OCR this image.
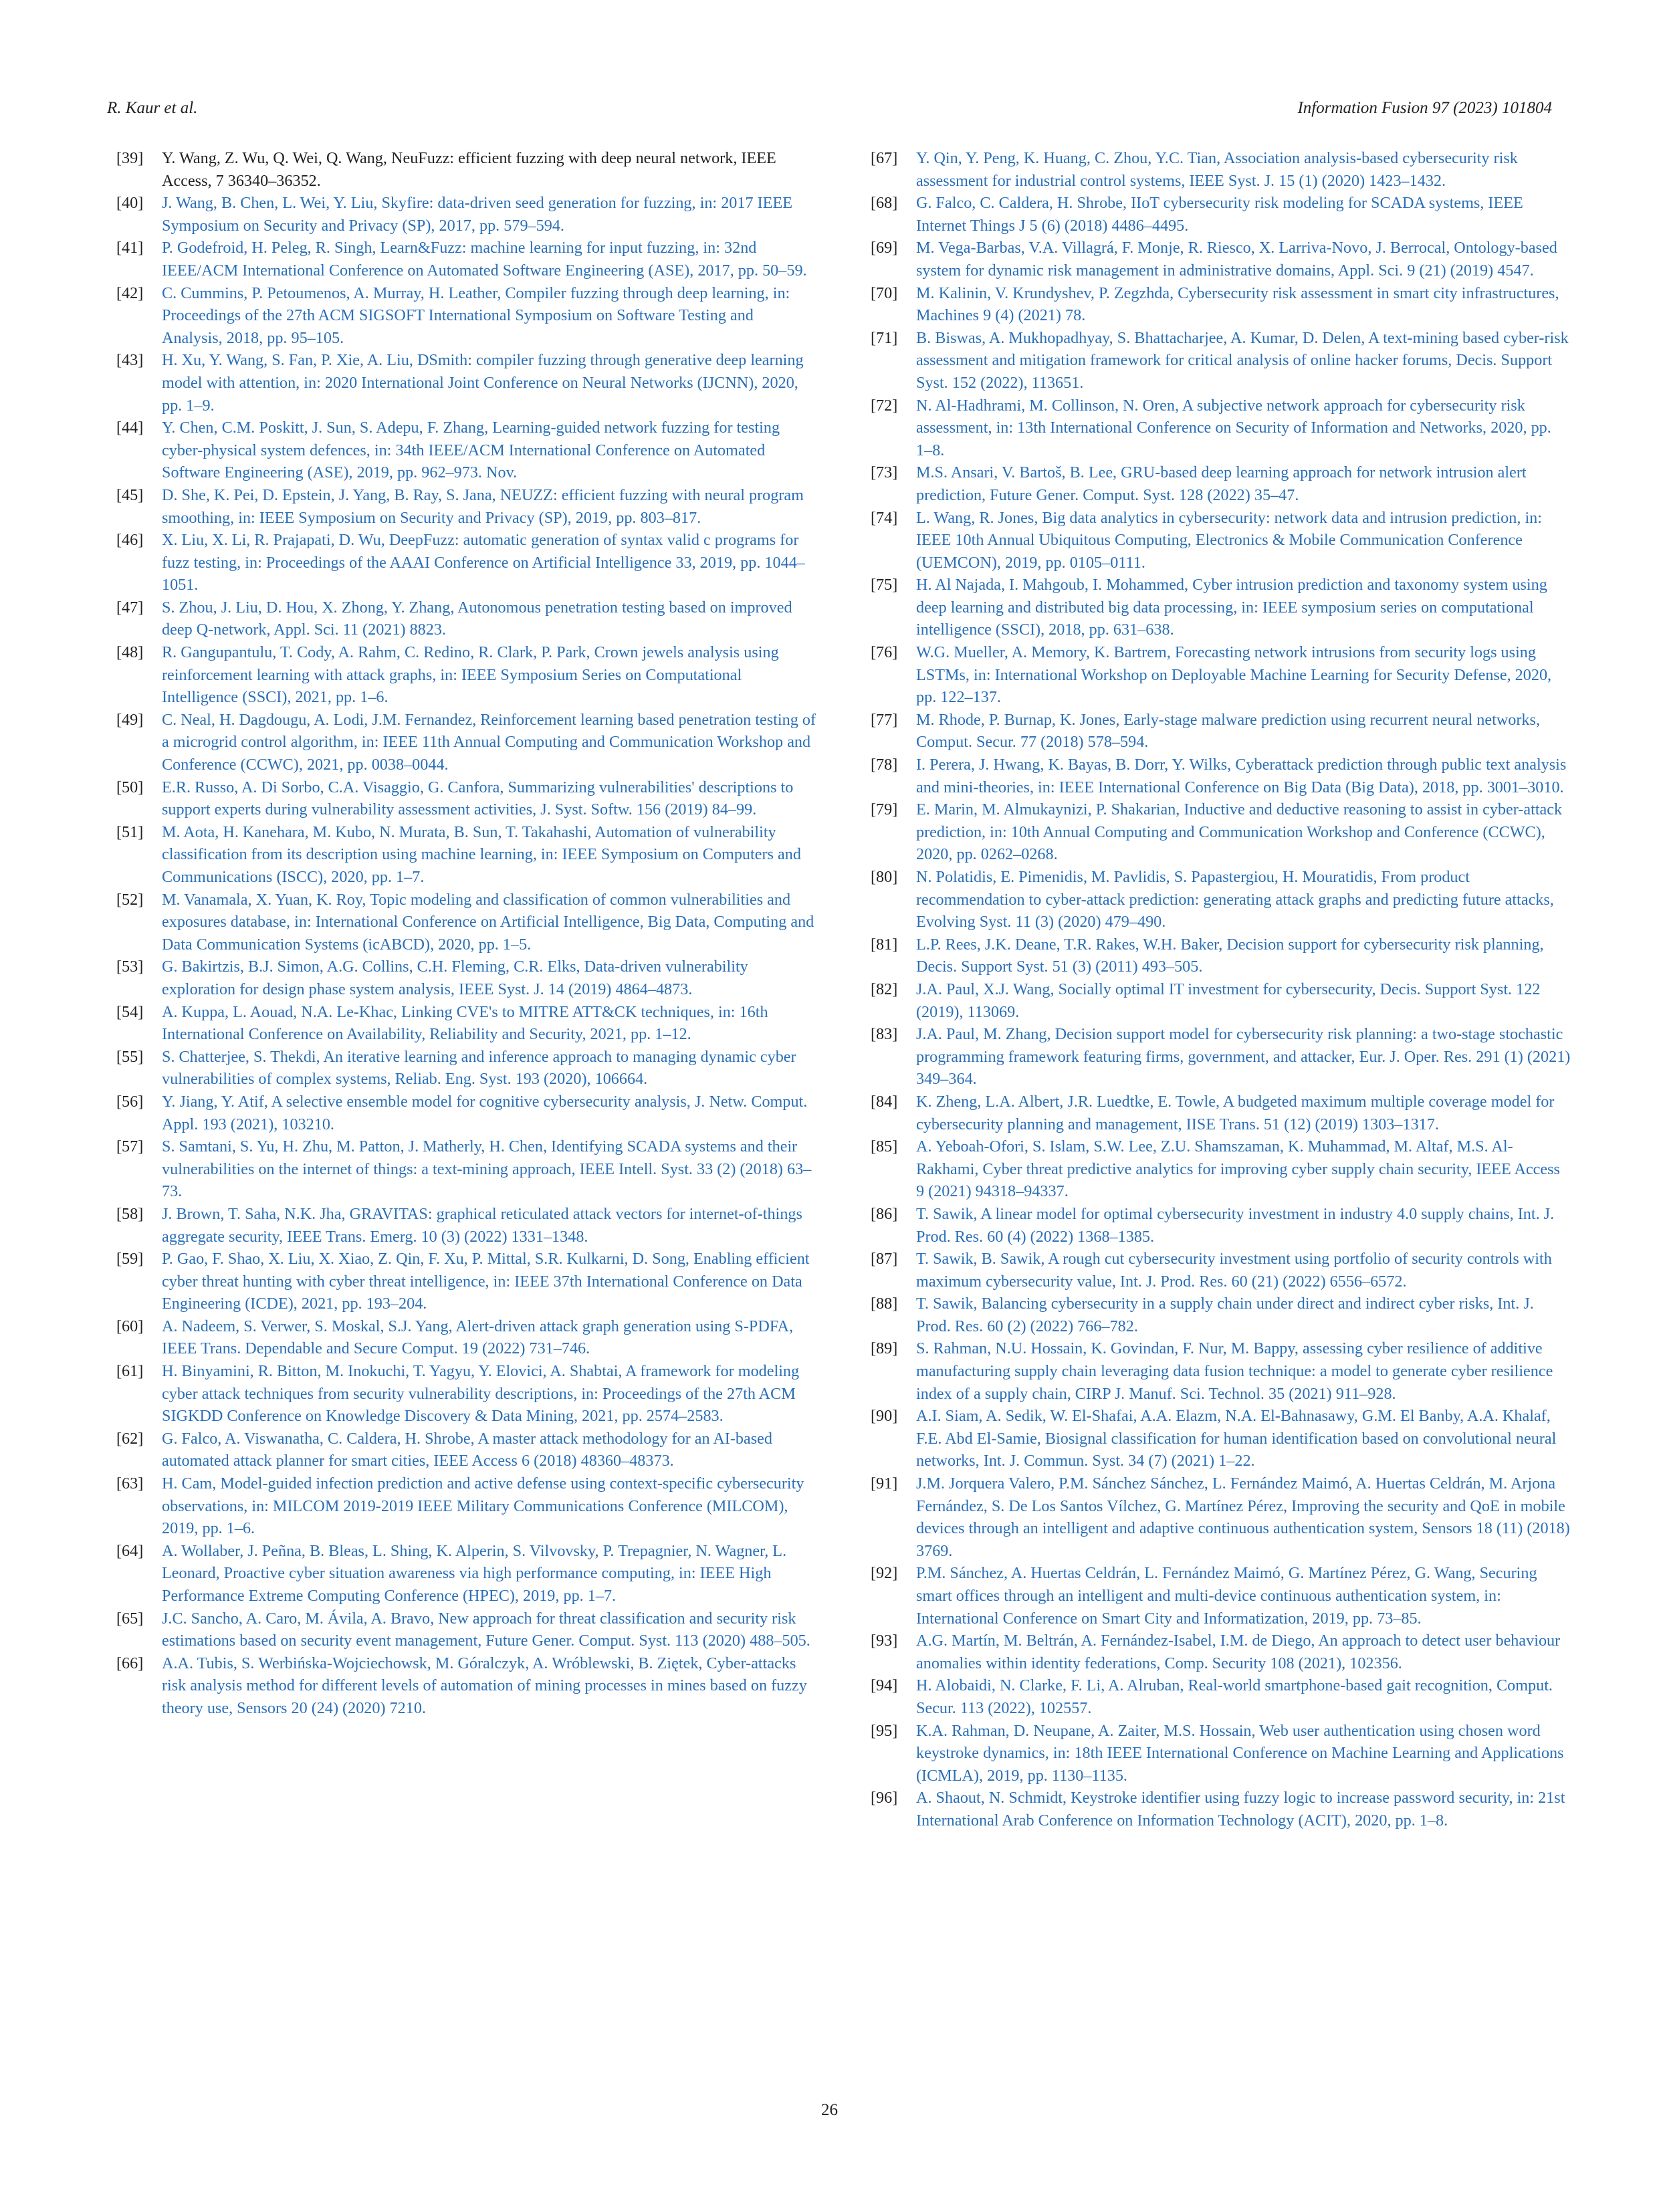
R. Kaur et al.	Information Fusion 97 (2023) 101804
[39]	Y. Wang, Z. Wu, Q. Wei, Q. Wang, NeuFuzz: efficient fuzzing with deep neural network, IEEE Access, 7 36340–36352.
[40]	J. Wang, B. Chen, L. Wei, Y. Liu, Skyfire: data-driven seed generation for fuzzing, in: 2017 IEEE Symposium on Security and Privacy (SP), 2017, pp. 579–594.
[41]	P. Godefroid, H. Peleg, R. Singh, Learn&Fuzz: machine learning for input fuzzing, in: 32nd IEEE/ACM International Conference on Automated Software Engineering (ASE), 2017, pp. 50–59.
[42]	C. Cummins, P. Petoumenos, A. Murray, H. Leather, Compiler fuzzing through deep learning, in: Proceedings of the 27th ACM SIGSOFT International Symposium on Software Testing and Analysis, 2018, pp. 95–105.
[43]	H. Xu, Y. Wang, S. Fan, P. Xie, A. Liu, DSmith: compiler fuzzing through generative deep learning model with attention, in: 2020 International Joint Conference on Neural Networks (IJCNN), 2020, pp. 1–9.
[44]	Y. Chen, C.M. Poskitt, J. Sun, S. Adepu, F. Zhang, Learning-guided network fuzzing for testing cyber-physical system defences, in: 34th IEEE/ACM International Conference on Automated Software Engineering (ASE), 2019, pp. 962–973. Nov.
[45]	D. She, K. Pei, D. Epstein, J. Yang, B. Ray, S. Jana, NEUZZ: efficient fuzzing with neural program smoothing, in: IEEE Symposium on Security and Privacy (SP), 2019, pp. 803–817.
[46]	X. Liu, X. Li, R. Prajapati, D. Wu, DeepFuzz: automatic generation of syntax valid c programs for fuzz testing, in: Proceedings of the AAAI Conference on Artificial Intelligence 33, 2019, pp. 1044–1051.
[47]	S. Zhou, J. Liu, D. Hou, X. Zhong, Y. Zhang, Autonomous penetration testing based on improved deep Q-network, Appl. Sci. 11 (2021) 8823.
[48]	R. Gangupantulu, T. Cody, A. Rahm, C. Redino, R. Clark, P. Park, Crown jewels analysis using reinforcement learning with attack graphs, in: IEEE Symposium Series on Computational Intelligence (SSCI), 2021, pp. 1–6.
[49]	C. Neal, H. Dagdougu, A. Lodi, J.M. Fernandez, Reinforcement learning based penetration testing of a microgrid control algorithm, in: IEEE 11th Annual Computing and Communication Workshop and Conference (CCWC), 2021, pp. 0038–0044.
[50]	E.R. Russo, A. Di Sorbo, C.A. Visaggio, G. Canfora, Summarizing vulnerabilities' descriptions to support experts during vulnerability assessment activities, J. Syst. Softw. 156 (2019) 84–99.
[51]	M. Aota, H. Kanehara, M. Kubo, N. Murata, B. Sun, T. Takahashi, Automation of vulnerability classification from its description using machine learning, in: IEEE Symposium on Computers and Communications (ISCC), 2020, pp. 1–7.
[52]	M. Vanamala, X. Yuan, K. Roy, Topic modeling and classification of common vulnerabilities and exposures database, in: International Conference on Artificial Intelligence, Big Data, Computing and Data Communication Systems (icABCD), 2020, pp. 1–5.
[53]	G. Bakirtzis, B.J. Simon, A.G. Collins, C.H. Fleming, C.R. Elks, Data-driven vulnerability exploration for design phase system analysis, IEEE Syst. J. 14 (2019) 4864–4873.
[54]	A. Kuppa, L. Aouad, N.A. Le-Khac, Linking CVE's to MITRE ATT&CK techniques, in: 16th International Conference on Availability, Reliability and Security, 2021, pp. 1–12.
[55]	S. Chatterjee, S. Thekdi, An iterative learning and inference approach to managing dynamic cyber vulnerabilities of complex systems, Reliab. Eng. Syst. 193 (2020), 106664.
[56]	Y. Jiang, Y. Atif, A selective ensemble model for cognitive cybersecurity analysis, J. Netw. Comput. Appl. 193 (2021), 103210.
[57]	S. Samtani, S. Yu, H. Zhu, M. Patton, J. Matherly, H. Chen, Identifying SCADA systems and their vulnerabilities on the internet of things: a text-mining approach, IEEE Intell. Syst. 33 (2) (2018) 63–73.
[58]	J. Brown, T. Saha, N.K. Jha, GRAVITAS: graphical reticulated attack vectors for internet-of-things aggregate security, IEEE Trans. Emerg. 10 (3) (2022) 1331–1348.
[59]	P. Gao, F. Shao, X. Liu, X. Xiao, Z. Qin, F. Xu, P. Mittal, S.R. Kulkarni, D. Song, Enabling efficient cyber threat hunting with cyber threat intelligence, in: IEEE 37th International Conference on Data Engineering (ICDE), 2021, pp. 193–204.
[60]	A. Nadeem, S. Verwer, S. Moskal, S.J. Yang, Alert-driven attack graph generation using S-PDFA, IEEE Trans. Dependable and Secure Comput. 19 (2022) 731–746.
[61]	H. Binyamini, R. Bitton, M. Inokuchi, T. Yagyu, Y. Elovici, A. Shabtai, A framework for modeling cyber attack techniques from security vulnerability descriptions, in: Proceedings of the 27th ACM SIGKDD Conference on Knowledge Discovery & Data Mining, 2021, pp. 2574–2583.
[62]	G. Falco, A. Viswanatha, C. Caldera, H. Shrobe, A master attack methodology for an AI-based automated attack planner for smart cities, IEEE Access 6 (2018) 48360–48373.
[63]	H. Cam, Model-guided infection prediction and active defense using context-specific cybersecurity observations, in: MILCOM 2019-2019 IEEE Military Communications Conference (MILCOM), 2019, pp. 1–6.
[64]	A. Wollaber, J. Peñna, B. Bleas, L. Shing, K. Alperin, S. Vilvovsky, P. Trepagnier, N. Wagner, L. Leonard, Proactive cyber situation awareness via high performance computing, in: IEEE High Performance Extreme Computing Conference (HPEC), 2019, pp. 1–7.
[65]	J.C. Sancho, A. Caro, M. Ávila, A. Bravo, New approach for threat classification and security risk estimations based on security event management, Future Gener. Comput. Syst. 113 (2020) 488–505.
[66]	A.A. Tubis, S. Werbińska-Wojciechowsk, M. Góralczyk, A. Wróblewski, B. Ziętek, Cyber-attacks risk analysis method for different levels of automation of mining processes in mines based on fuzzy theory use, Sensors 20 (24) (2020) 7210.
[67]	Y. Qin, Y. Peng, K. Huang, C. Zhou, Y.C. Tian, Association analysis-based cybersecurity risk assessment for industrial control systems, IEEE Syst. J. 15 (1) (2020) 1423–1432.
[68]	G. Falco, C. Caldera, H. Shrobe, IIoT cybersecurity risk modeling for SCADA systems, IEEE Internet Things J 5 (6) (2018) 4486–4495.
[69]	M. Vega-Barbas, V.A. Villagrá, F. Monje, R. Riesco, X. Larriva-Novo, J. Berrocal, Ontology-based system for dynamic risk management in administrative domains, Appl. Sci. 9 (21) (2019) 4547.
[70]	M. Kalinin, V. Krundyshev, P. Zegzhda, Cybersecurity risk assessment in smart city infrastructures, Machines 9 (4) (2021) 78.
[71]	B. Biswas, A. Mukhopadhyay, S. Bhattacharjee, A. Kumar, D. Delen, A text-mining based cyber-risk assessment and mitigation framework for critical analysis of online hacker forums, Decis. Support Syst. 152 (2022), 113651.
[72]	N. Al-Hadhrami, M. Collinson, N. Oren, A subjective network approach for cybersecurity risk assessment, in: 13th International Conference on Security of Information and Networks, 2020, pp. 1–8.
[73]	M.S. Ansari, V. Bartoš, B. Lee, GRU-based deep learning approach for network intrusion alert prediction, Future Gener. Comput. Syst. 128 (2022) 35–47.
[74]	L. Wang, R. Jones, Big data analytics in cybersecurity: network data and intrusion prediction, in: IEEE 10th Annual Ubiquitous Computing, Electronics & Mobile Communication Conference (UEMCON), 2019, pp. 0105–0111.
[75]	H. Al Najada, I. Mahgoub, I. Mohammed, Cyber intrusion prediction and taxonomy system using deep learning and distributed big data processing, in: IEEE symposium series on computational intelligence (SSCI), 2018, pp. 631–638.
[76]	W.G. Mueller, A. Memory, K. Bartrem, Forecasting network intrusions from security logs using LSTMs, in: International Workshop on Deployable Machine Learning for Security Defense, 2020, pp. 122–137.
[77]	M. Rhode, P. Burnap, K. Jones, Early-stage malware prediction using recurrent neural networks, Comput. Secur. 77 (2018) 578–594.
[78]	I. Perera, J. Hwang, K. Bayas, B. Dorr, Y. Wilks, Cyberattack prediction through public text analysis and mini-theories, in: IEEE International Conference on Big Data (Big Data), 2018, pp. 3001–3010.
[79]	E. Marin, M. Almukaynizi, P. Shakarian, Inductive and deductive reasoning to assist in cyber-attack prediction, in: 10th Annual Computing and Communication Workshop and Conference (CCWC), 2020, pp. 0262–0268.
[80]	N. Polatidis, E. Pimenidis, M. Pavlidis, S. Papastergiou, H. Mouratidis, From product recommendation to cyber-attack prediction: generating attack graphs and predicting future attacks, Evolving Syst. 11 (3) (2020) 479–490.
[81]	L.P. Rees, J.K. Deane, T.R. Rakes, W.H. Baker, Decision support for cybersecurity risk planning, Decis. Support Syst. 51 (3) (2011) 493–505.
[82]	J.A. Paul, X.J. Wang, Socially optimal IT investment for cybersecurity, Decis. Support Syst. 122 (2019), 113069.
[83]	J.A. Paul, M. Zhang, Decision support model for cybersecurity risk planning: a two-stage stochastic programming framework featuring firms, government, and attacker, Eur. J. Oper. Res. 291 (1) (2021) 349–364.
[84]	K. Zheng, L.A. Albert, J.R. Luedtke, E. Towle, A budgeted maximum multiple coverage model for cybersecurity planning and management, IISE Trans. 51 (12) (2019) 1303–1317.
[85]	A. Yeboah-Ofori, S. Islam, S.W. Lee, Z.U. Shamszaman, K. Muhammad, M. Altaf, M.S. Al-Rakhami, Cyber threat predictive analytics for improving cyber supply chain security, IEEE Access 9 (2021) 94318–94337.
[86]	T. Sawik, A linear model for optimal cybersecurity investment in industry 4.0 supply chains, Int. J. Prod. Res. 60 (4) (2022) 1368–1385.
[87]	T. Sawik, B. Sawik, A rough cut cybersecurity investment using portfolio of security controls with maximum cybersecurity value, Int. J. Prod. Res. 60 (21) (2022) 6556–6572.
[88]	T. Sawik, Balancing cybersecurity in a supply chain under direct and indirect cyber risks, Int. J. Prod. Res. 60 (2) (2022) 766–782.
[89]	S. Rahman, N.U. Hossain, K. Govindan, F. Nur, M. Bappy, assessing cyber resilience of additive manufacturing supply chain leveraging data fusion technique: a model to generate cyber resilience index of a supply chain, CIRP J. Manuf. Sci. Technol. 35 (2021) 911–928.
[90]	A.I. Siam, A. Sedik, W. El-Shafai, A.A. Elazm, N.A. El-Bahnasawy, G.M. El Banby, A.A. Khalaf, F.E. Abd El-Samie, Biosignal classification for human identification based on convolutional neural networks, Int. J. Commun. Syst. 34 (7) (2021) 1–22.
[91]	J.M. Jorquera Valero, P.M. Sánchez Sánchez, L. Fernández Maimó, A. Huertas Celdrán, M. Arjona Fernández, S. De Los Santos Vílchez, G. Martínez Pérez, Improving the security and QoE in mobile devices through an intelligent and adaptive continuous authentication system, Sensors 18 (11) (2018) 3769.
[92]	P.M. Sánchez, A. Huertas Celdrán, L. Fernández Maimó, G. Martínez Pérez, G. Wang, Securing smart offices through an intelligent and multi-device continuous authentication system, in: International Conference on Smart City and Informatization, 2019, pp. 73–85.
[93]	A.G. Martín, M. Beltrán, A. Fernández-Isabel, I.M. de Diego, An approach to detect user behaviour anomalies within identity federations, Comp. Security 108 (2021), 102356.
[94]	H. Alobaidi, N. Clarke, F. Li, A. Alruban, Real-world smartphone-based gait recognition, Comput. Secur. 113 (2022), 102557.
[95]	K.A. Rahman, D. Neupane, A. Zaiter, M.S. Hossain, Web user authentication using chosen word keystroke dynamics, in: 18th IEEE International Conference on Machine Learning and Applications (ICMLA), 2019, pp. 1130–1135.
[96]	A. Shaout, N. Schmidt, Keystroke identifier using fuzzy logic to increase password security, in: 21st International Arab Conference on Information Technology (ACIT), 2020, pp. 1–8.
26
